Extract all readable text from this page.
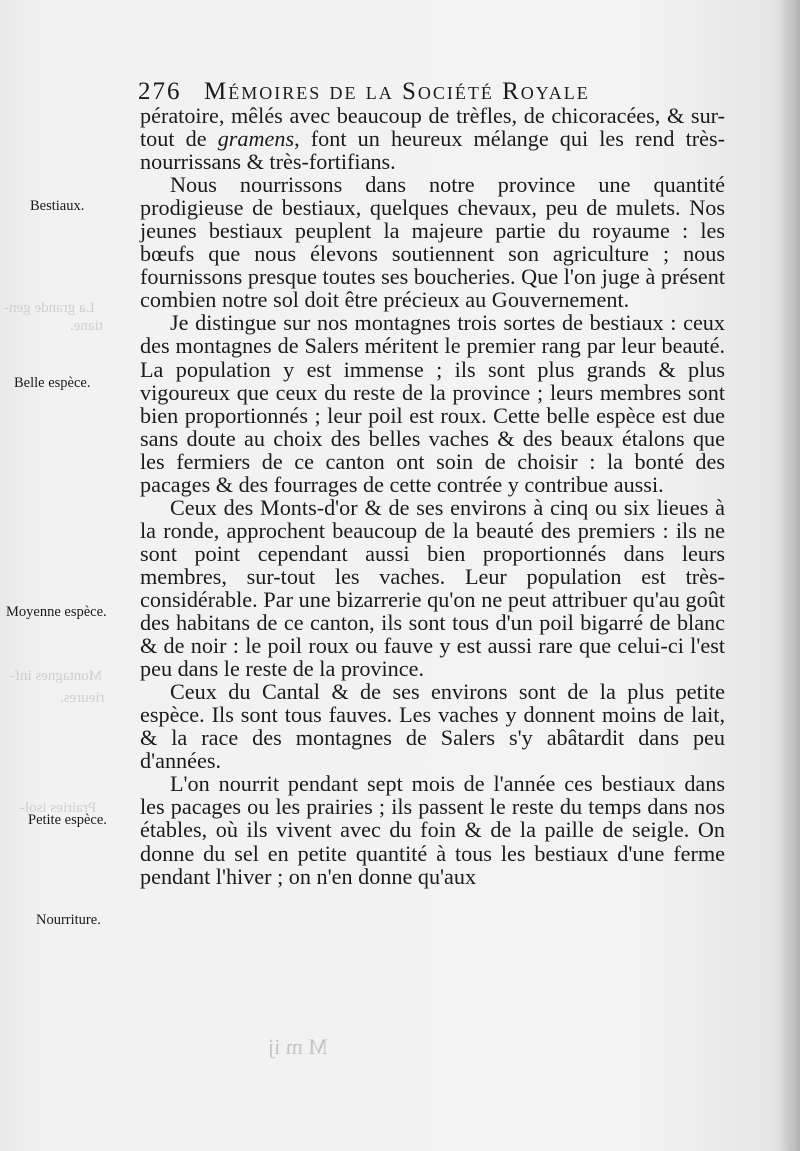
La grande gen-
tiane.
Montagnes inf-
rieures.
Prairies isol-
M m ij
276 Mémoires de la Société Royale
Bestiaux.
Belle espèce.
Moyenne espèce.
Petite espèce.
Nourriture.

pératoire, mêlés avec beaucoup de trèfles, de chicoracées, & sur-tout de gramens, font un heureux mélange qui les rend très-nourrissans & très-fortifians.

Nous nourrissons dans notre province une quantité prodigieuse de bestiaux, quelques chevaux, peu de mulets. Nos jeunes bestiaux peuplent la majeure partie du royaume : les bœufs que nous élevons soutiennent son agriculture ; nous fournissons presque toutes ses boucheries. Que l'on juge à présent combien notre sol doit être précieux au Gouvernement.

Je distingue sur nos montagnes trois sortes de bestiaux : ceux des montagnes de Salers méritent le premier rang par leur beauté. La population y est immense ; ils sont plus grands & plus vigoureux que ceux du reste de la province ; leurs membres sont bien proportionnés ; leur poil est roux. Cette belle espèce est due sans doute au choix des belles vaches & des beaux étalons que les fermiers de ce canton ont soin de choisir : la bonté des pacages & des fourrages de cette contrée y contribue aussi.

Ceux des Monts-d'or & de ses environs à cinq ou six lieues à la ronde, approchent beaucoup de la beauté des premiers : ils ne sont point cependant aussi bien proportionnés dans leurs membres, sur-tout les vaches. Leur population est très-considérable. Par une bizarrerie qu'on ne peut attribuer qu'au goût des habitans de ce canton, ils sont tous d'un poil bigarré de blanc & de noir : le poil roux ou fauve y est aussi rare que celui-ci l'est peu dans le reste de la province.

Ceux du Cantal & de ses environs sont de la plus petite espèce. Ils sont tous fauves. Les vaches y donnent moins de lait, & la race des montagnes de Salers s'y abâtardit dans peu d'années.

L'on nourrit pendant sept mois de l'année ces bestiaux dans les pacages ou les prairies ; ils passent le reste du temps dans nos étables, où ils vivent avec du foin & de la paille de seigle. On donne du sel en petite quantité à tous les bestiaux d'une ferme pendant l'hiver ; on n'en donne qu'aux
